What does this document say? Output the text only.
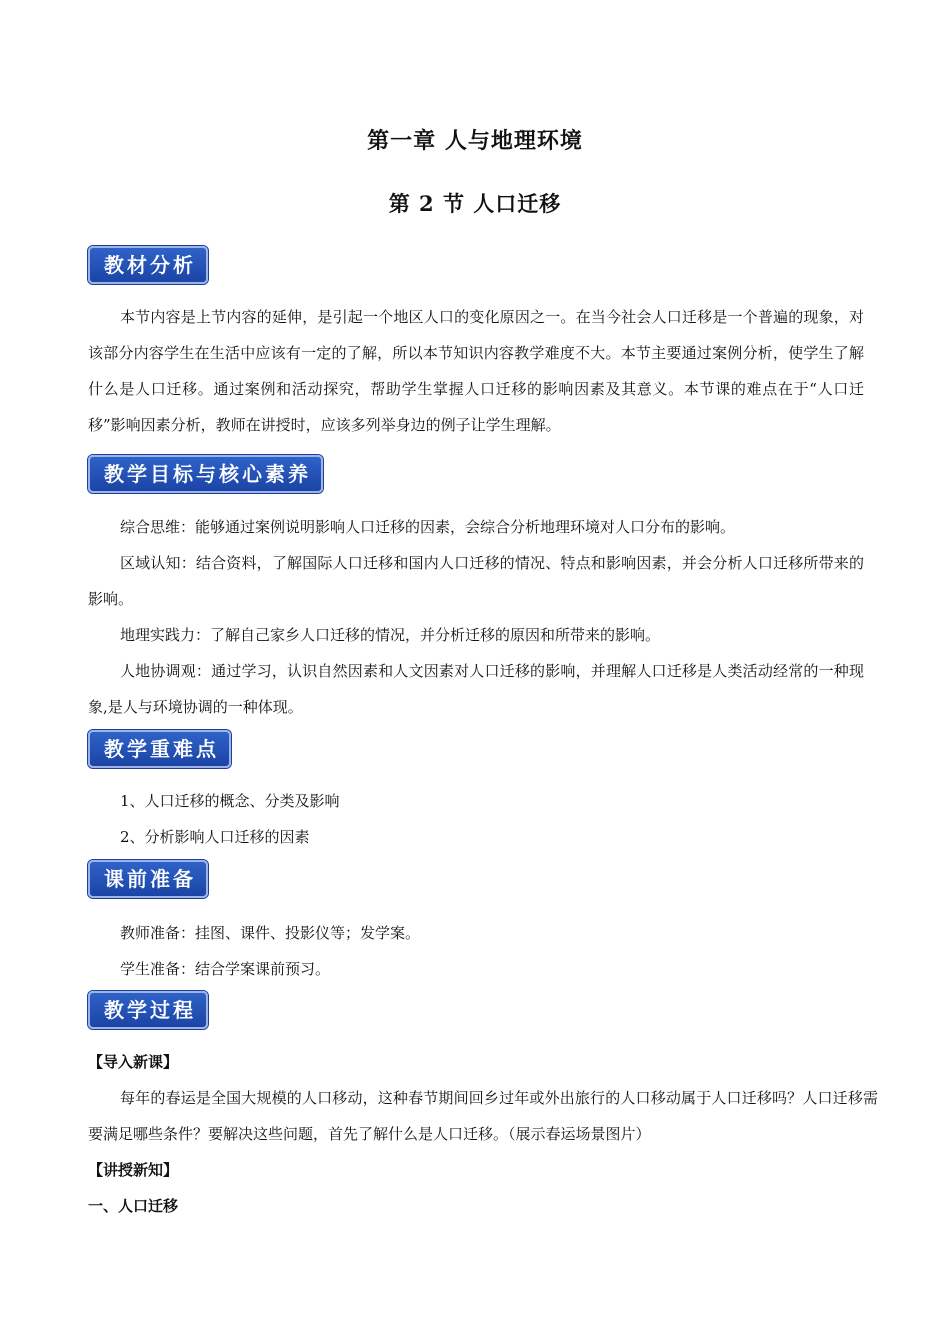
第一章 人与地理环境
第 2 节 人口迁移
教材分析

本节内容是上节内容的延伸，是引起一个地区人口的变化原因之一。在当今社会人口迁移是一个普遍的现象，对该部分内容学生在生活中应该有一定的了解，所以本节知识内容教学难度不大。本节主要通过案例分析，使学生了解什么是人口迁移。通过案例和活动探究，帮助学生掌握人口迁移的影响因素及其意义。本节课的难点在于“人口迁移”影响因素分析，教师在讲授时，应该多列举身边的例子让学生理解。

教学目标与核心素养

综合思维：能够通过案例说明影响人口迁移的因素，会综合分析地理环境对人口分布的影响。

区域认知：结合资料，了解国际人口迁移和国内人口迁移的情况、特点和影响因素，并会分析人口迁移所带来的影响。

地理实践力：了解自己家乡人口迁移的情况，并分析迁移的原因和所带来的影响。

人地协调观：通过学习，认识自然因素和人文因素对人口迁移的影响，并理解人口迁移是人类活动经常的一种现象,是人与环境协调的一种体现。

教学重难点
1、人口迁移的概念、分类及影响
2、分析影响人口迁移的因素
课前准备
教师准备：挂图、课件、投影仪等；发学案。
学生准备：结合学案课前预习。
教学过程
【导入新课】

每年的春运是全国大规模的人口移动，这种春节期间回乡过年或外出旅行的人口移动属于人口迁移吗？人口迁移需要满足哪些条件？要解决这些问题，首先了解什么是人口迁移。（展示春运场景图片）

【讲授新知】
一、人口迁移
